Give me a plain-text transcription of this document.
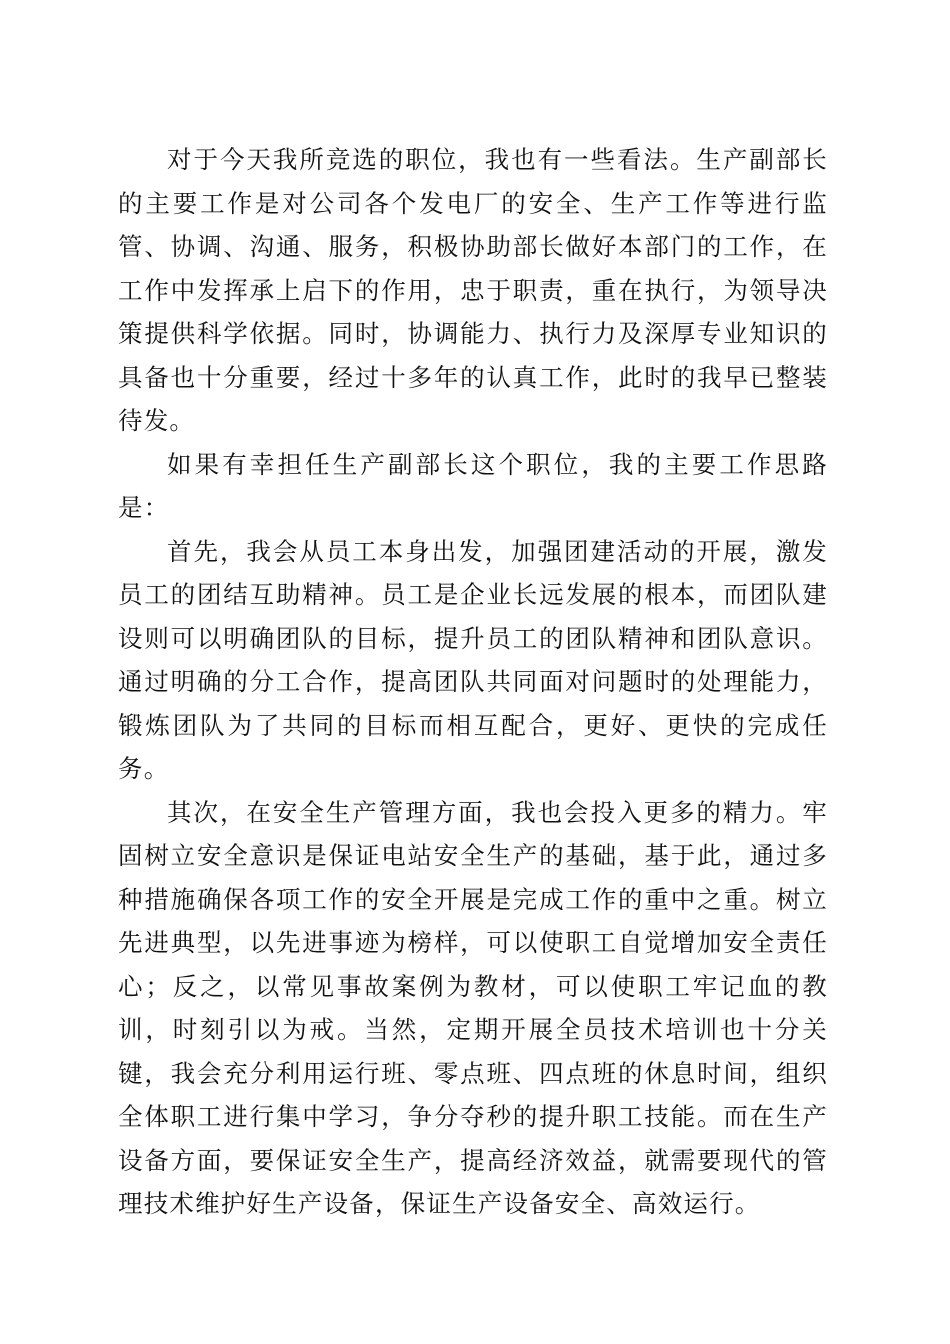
对于今天我所竞选的职位，我也有一些看法。生产副部长的主要工作是对公司各个发电厂的安全、生产工作等进行监管、协调、沟通、服务，积极协助部长做好本部门的工作，在工作中发挥承上启下的作用，忠于职责，重在执行，为领导决策提供科学依据。同时，协调能力、执行力及深厚专业知识的具备也十分重要，经过十多年的认真工作，此时的我早已整装待发。

如果有幸担任生产副部长这个职位，我的主要工作思路是：

首先，我会从员工本身出发，加强团建活动的开展，激发员工的团结互助精神。员工是企业长远发展的根本，而团队建设则可以明确团队的目标，提升员工的团队精神和团队意识。通过明确的分工合作，提高团队共同面对问题时的处理能力，锻炼团队为了共同的目标而相互配合，更好、更快的完成任务。

其次，在安全生产管理方面，我也会投入更多的精力。牢固树立安全意识是保证电站安全生产的基础，基于此，通过多种措施确保各项工作的安全开展是完成工作的重中之重。树立先进典型，以先进事迹为榜样，可以使职工自觉增加安全责任心；反之，以常见事故案例为教材，可以使职工牢记血的教训，时刻引以为戒。当然，定期开展全员技术培训也十分关键，我会充分利用运行班、零点班、四点班的休息时间，组织全体职工进行集中学习，争分夺秒的提升职工技能。而在生产设备方面，要保证安全生产，提高经济效益，就需要现代的管理技术维护好生产设备，保证生产设备安全、高效运行。
